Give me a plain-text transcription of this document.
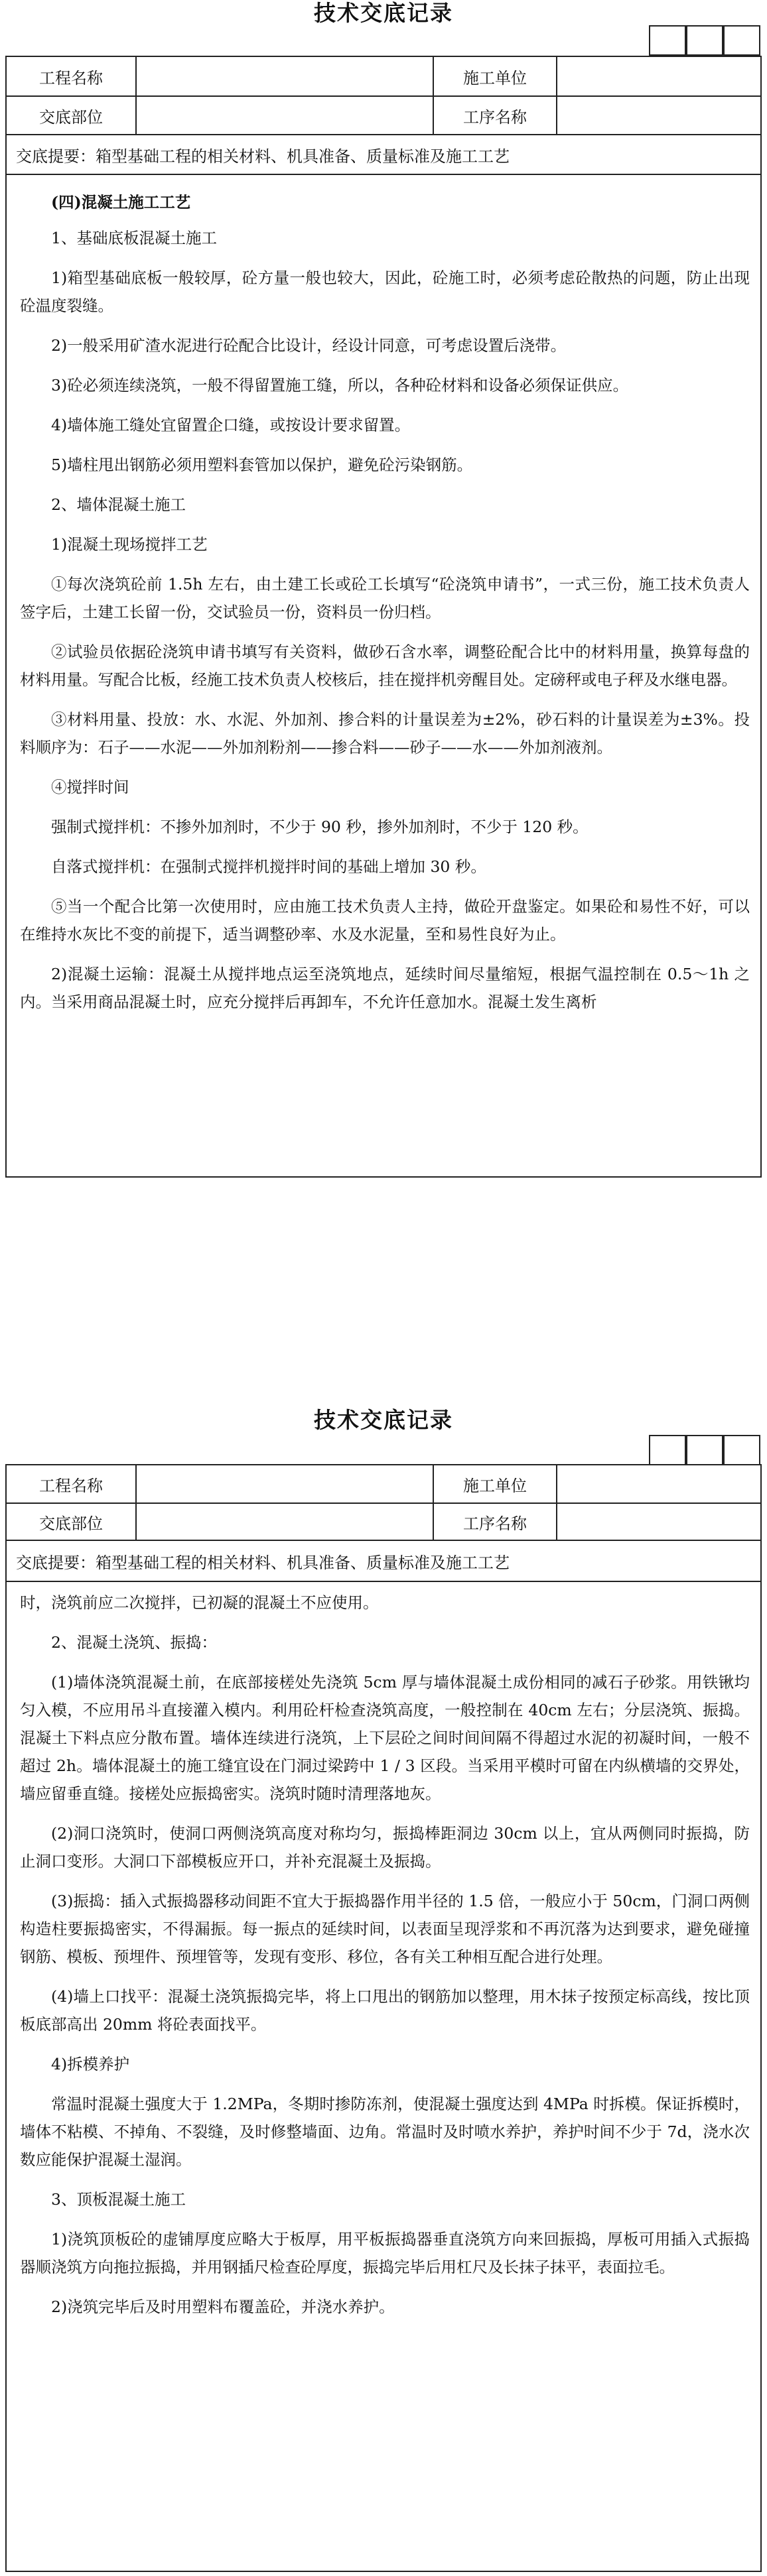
技术交底记录
工程名称	施工单位
交底部位	工序名称
交底提要：箱型基础工程的相关材料、机具准备、质量标准及施工工艺

(四)混凝土施工工艺

1、基础底板混凝土施工

1)箱型基础底板一般较厚，砼方量一般也较大，因此，砼施工时，必须考虑砼散热的问题，防止出现砼温度裂缝。

2)一般采用矿渣水泥进行砼配合比设计，经设计同意，可考虑设置后浇带。

3)砼必须连续浇筑，一般不得留置施工缝，所以，各种砼材料和设备必须保证供应。

4)墙体施工缝处宜留置企口缝，或按设计要求留置。

5)墙柱甩出钢筋必须用塑料套管加以保护，避免砼污染钢筋。

2、墙体混凝土施工

1)混凝土现场搅拌工艺

①每次浇筑砼前 1.5h 左右，由土建工长或砼工长填写“砼浇筑申请书”，一式三份，施工技术负责人签字后，土建工长留一份，交试验员一份，资料员一份归档。

②试验员依据砼浇筑申请书填写有关资料，做砂石含水率，调整砼配合比中的材料用量，换算每盘的材料用量。写配合比板，经施工技术负责人校核后，挂在搅拌机旁醒目处。定磅秤或电子秤及水继电器。

③材料用量、投放：水、水泥、外加剂、掺合料的计量误差为±2%，砂石料的计量误差为±3%。投料顺序为：石子——水泥——外加剂粉剂——掺合料——砂子——水——外加剂液剂。

④搅拌时间

强制式搅拌机：不掺外加剂时，不少于 90 秒，掺外加剂时，不少于 120 秒。

自落式搅拌机：在强制式搅拌机搅拌时间的基础上增加 30 秒。

⑤当一个配合比第一次使用时，应由施工技术负责人主持，做砼开盘鉴定。如果砼和易性不好，可以在维持水灰比不变的前提下，适当调整砂率、水及水泥量，至和易性良好为止。

2)混凝土运输：混凝土从搅拌地点运至浇筑地点，延续时间尽量缩短，根据气温控制在 0.5～1h 之内。当采用商品混凝土时，应充分搅拌后再卸车，不允许任意加水。混凝土发生离析

技术交底记录
工程名称	施工单位
交底部位	工序名称
交底提要：箱型基础工程的相关材料、机具准备、质量标准及施工工艺

时，浇筑前应二次搅拌，已初凝的混凝土不应使用。

2、混凝土浇筑、振捣：

(1)墙体浇筑混凝土前，在底部接槎处先浇筑 5cm 厚与墙体混凝土成份相同的减石子砂浆。用铁锹均匀入模，不应用吊斗直接灌入模内。利用砼杆检查浇筑高度，一般控制在 40cm 左右；分层浇筑、振捣。混凝土下料点应分散布置。墙体连续进行浇筑，上下层砼之间时间间隔不得超过水泥的初凝时间，一般不超过 2h。墙体混凝土的施工缝宜设在门洞过梁跨中 1 / 3 区段。当采用平模时可留在内纵横墙的交界处，墙应留垂直缝。接槎处应振捣密实。浇筑时随时清理落地灰。

(2)洞口浇筑时，使洞口两侧浇筑高度对称均匀，振捣棒距洞边 30cm 以上，宜从两侧同时振捣，防止洞口变形。大洞口下部模板应开口，并补充混凝土及振捣。

(3)振捣：插入式振捣器移动间距不宜大于振捣器作用半径的 1.5 倍，一般应小于 50cm，门洞口两侧构造柱要振捣密实，不得漏振。每一振点的延续时间，以表面呈现浮浆和不再沉落为达到要求，避免碰撞钢筋、模板、预埋件、预埋管等，发现有变形、移位，各有关工种相互配合进行处理。

(4)墙上口找平：混凝土浇筑振捣完毕，将上口甩出的钢筋加以整理，用木抹子按预定标高线，按比顶板底部高出 20mm 将砼表面找平。

4)拆模养护

常温时混凝土强度大于 1.2MPa，冬期时掺防冻剂，使混凝土强度达到 4MPa 时拆模。保证拆模时，墙体不粘模、不掉角、不裂缝，及时修整墙面、边角。常温时及时喷水养护，养护时间不少于 7d，浇水次数应能保护混凝土湿润。

3、顶板混凝土施工

1)浇筑顶板砼的虚铺厚度应略大于板厚，用平板振捣器垂直浇筑方向来回振捣，厚板可用插入式振捣器顺浇筑方向拖拉振捣，并用钢插尺检查砼厚度，振捣完毕后用杠尺及长抹子抹平，表面拉毛。

2)浇筑完毕后及时用塑料布覆盖砼，并浇水养护。
